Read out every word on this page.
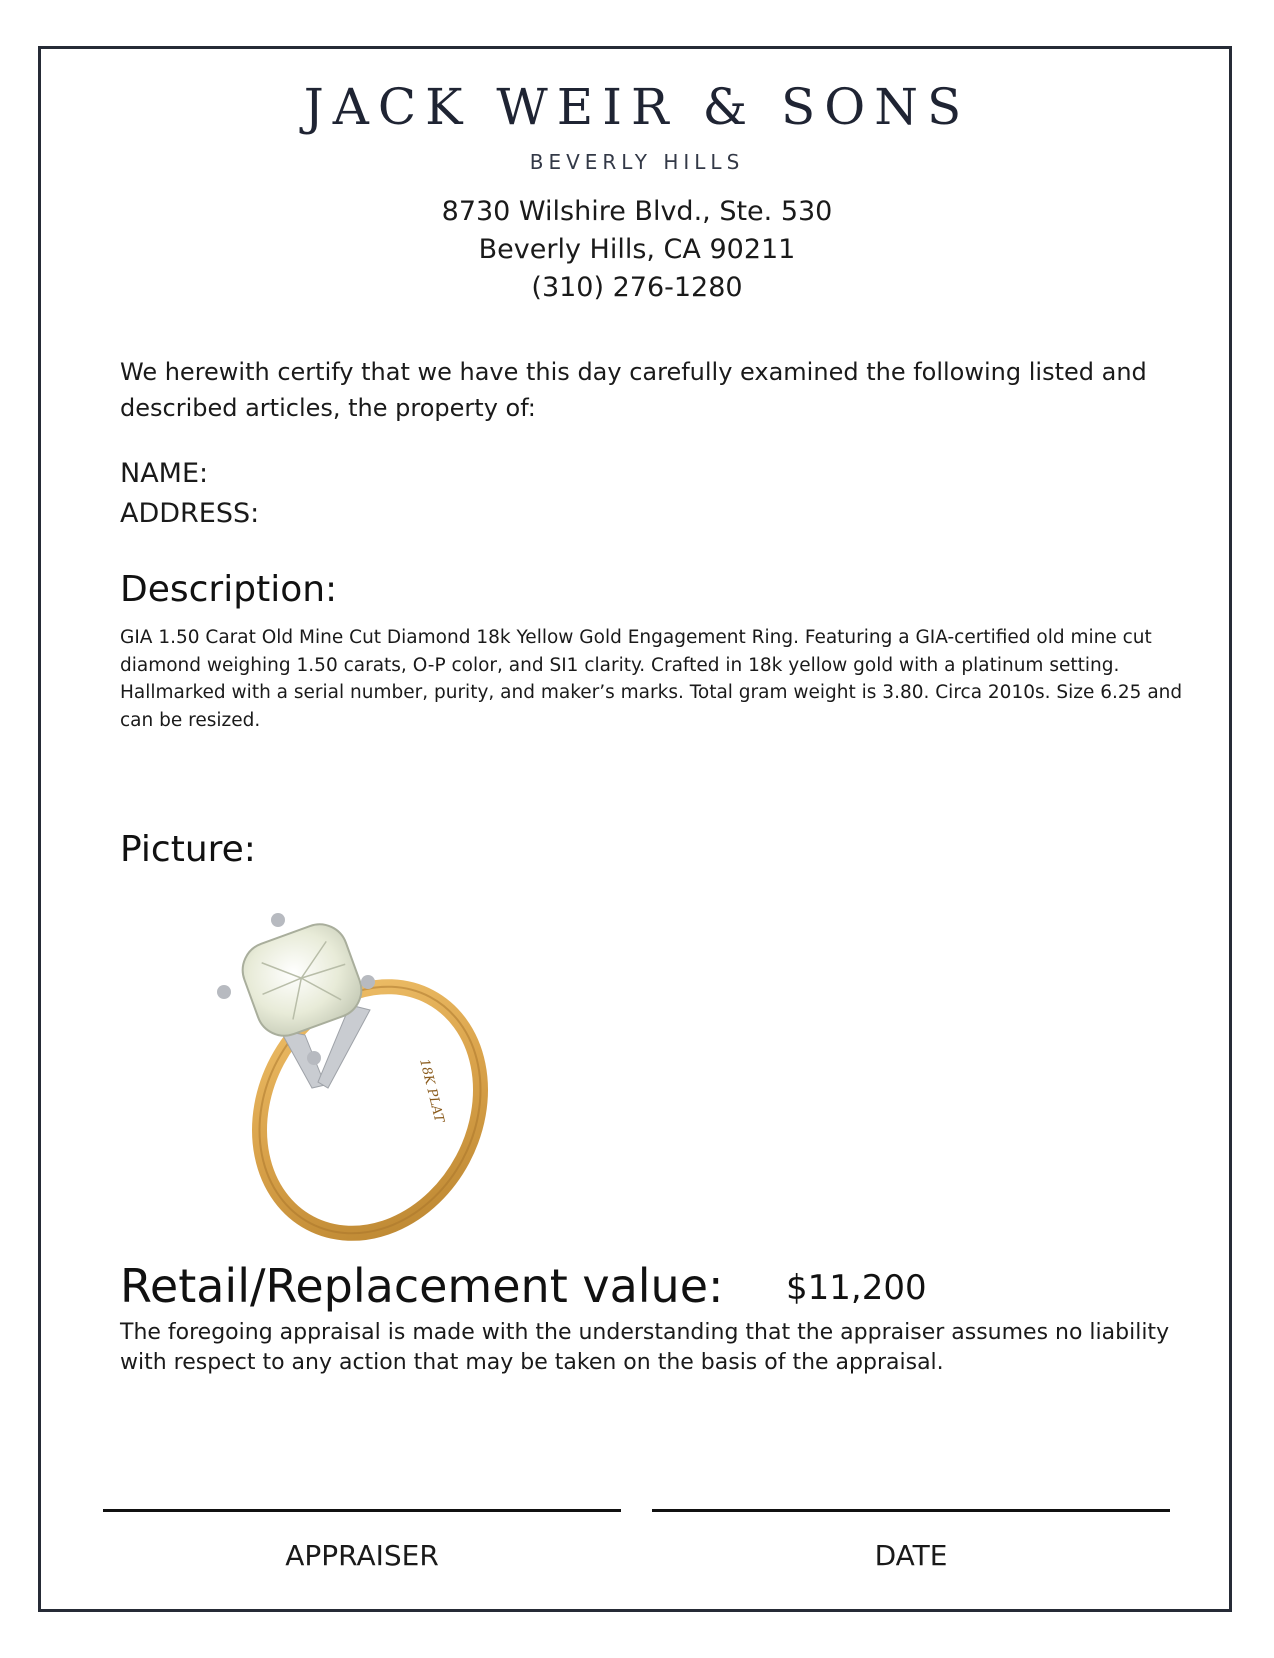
JACK WEIR & SONS
BEVERLY HILLS
8730 Wilshire Blvd., Ste. 530
Beverly Hills, CA 90211
(310) 276-1280
We herewith certify that we have this day carefully examined the following listed and described articles, the property of:
NAME:
ADDRESS:
Description:
GIA 1.50 Carat Old Mine Cut Diamond 18k Yellow Gold Engagement Ring. Featuring a GIA-certified old mine cut diamond weighing 1.50 carats, O-P color, and SI1 clarity. Crafted in 18k yellow gold with a platinum setting. Hallmarked with a serial number, purity, and maker’s marks. Total gram weight is 3.80. Circa 2010s. Size 6.25 and can be resized.
Picture:
18K PLAT
Retail/Replacement value: $11,200
The foregoing appraisal is made with the understanding that the appraiser assumes no liability with respect to any action that may be taken on the basis of the appraisal.
APPRAISER	DATE
